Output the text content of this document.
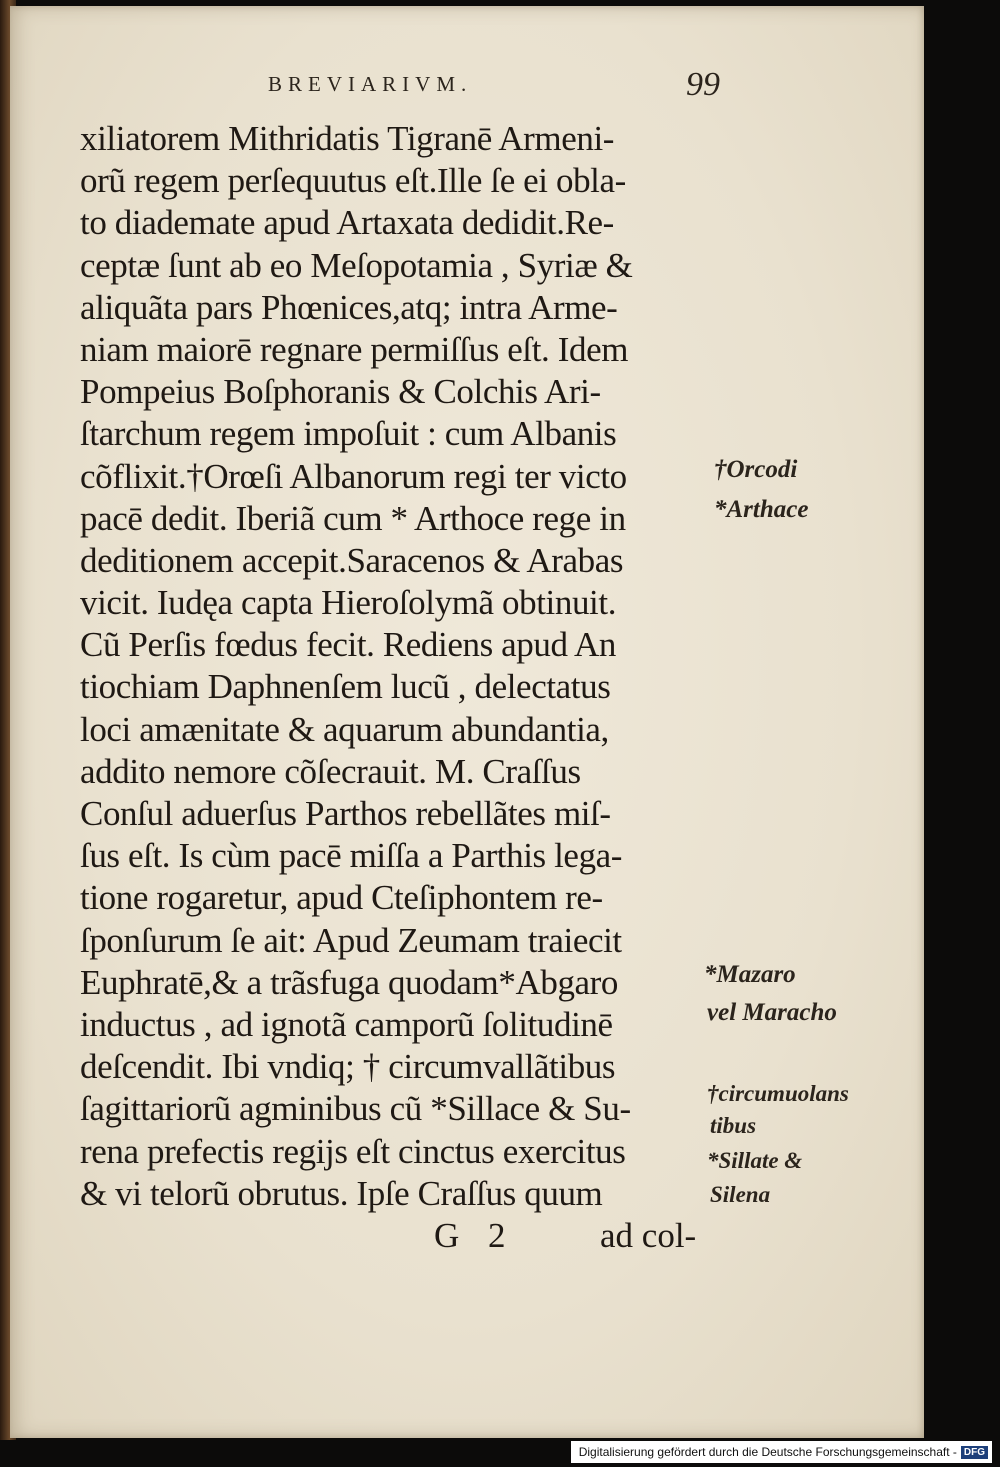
BREVIARIVM.	99
xiliatorem Mithridatis Tigranē Armeni-
orũ regem perſequutus eſt.Ille ſe ei obla-
to diademate apud Artaxata dedidit.Re-
ceptæ ſunt ab eo Meſopotamia , Syriæ &
aliquãta pars Phœnices,atq; intra Arme-
niam maiorē regnare permiſſus eſt. Idem
Pompeius Boſphoranis & Colchis Ari-
ſtarchum regem impoſuit : cum Albanis
cõflixit.†Orœſi Albanorum regi ter victo
pacē dedit. Iberiã cum * Arthoce rege in
deditionem accepit.Saracenos & Arabas
vicit. Iudęa capta Hieroſolymã obtinuit.
Cũ Perſis fœdus fecit. Rediens apud An
tiochiam Daphnenſem lucũ , delectatus
loci amænitate & aquarum abundantia,
addito nemore cõſecrauit. M. Craſſus
Conſul aduerſus Parthos rebellãtes miſ-
ſus eſt. Is cùm pacē miſſa a Parthis lega-
tione rogaretur, apud Cteſiphontem re-
ſponſurum ſe ait: Apud Zeumam traiecit
Euphratē,& a trãsfuga quodam*Abgaro
inductus , ad ignotã camporũ ſolitudinē
deſcendit. Ibi vndiq; † circumvallãtibus
ſagittariorũ agminibus cũ *Sillace & Su-
rena prefectis regijs eſt cinctus exercitus
& vi telorũ obrutus. Ipſe Craſſus quum
G 2 ad col-
†Orcodi
*Arthace
*Mazaro
vel Maracho
†circumuolans
tibus
*Sillate &
Silena
Digitalisierung gefördert durch die Deutsche Forschungsgemeinschaft - DFG
